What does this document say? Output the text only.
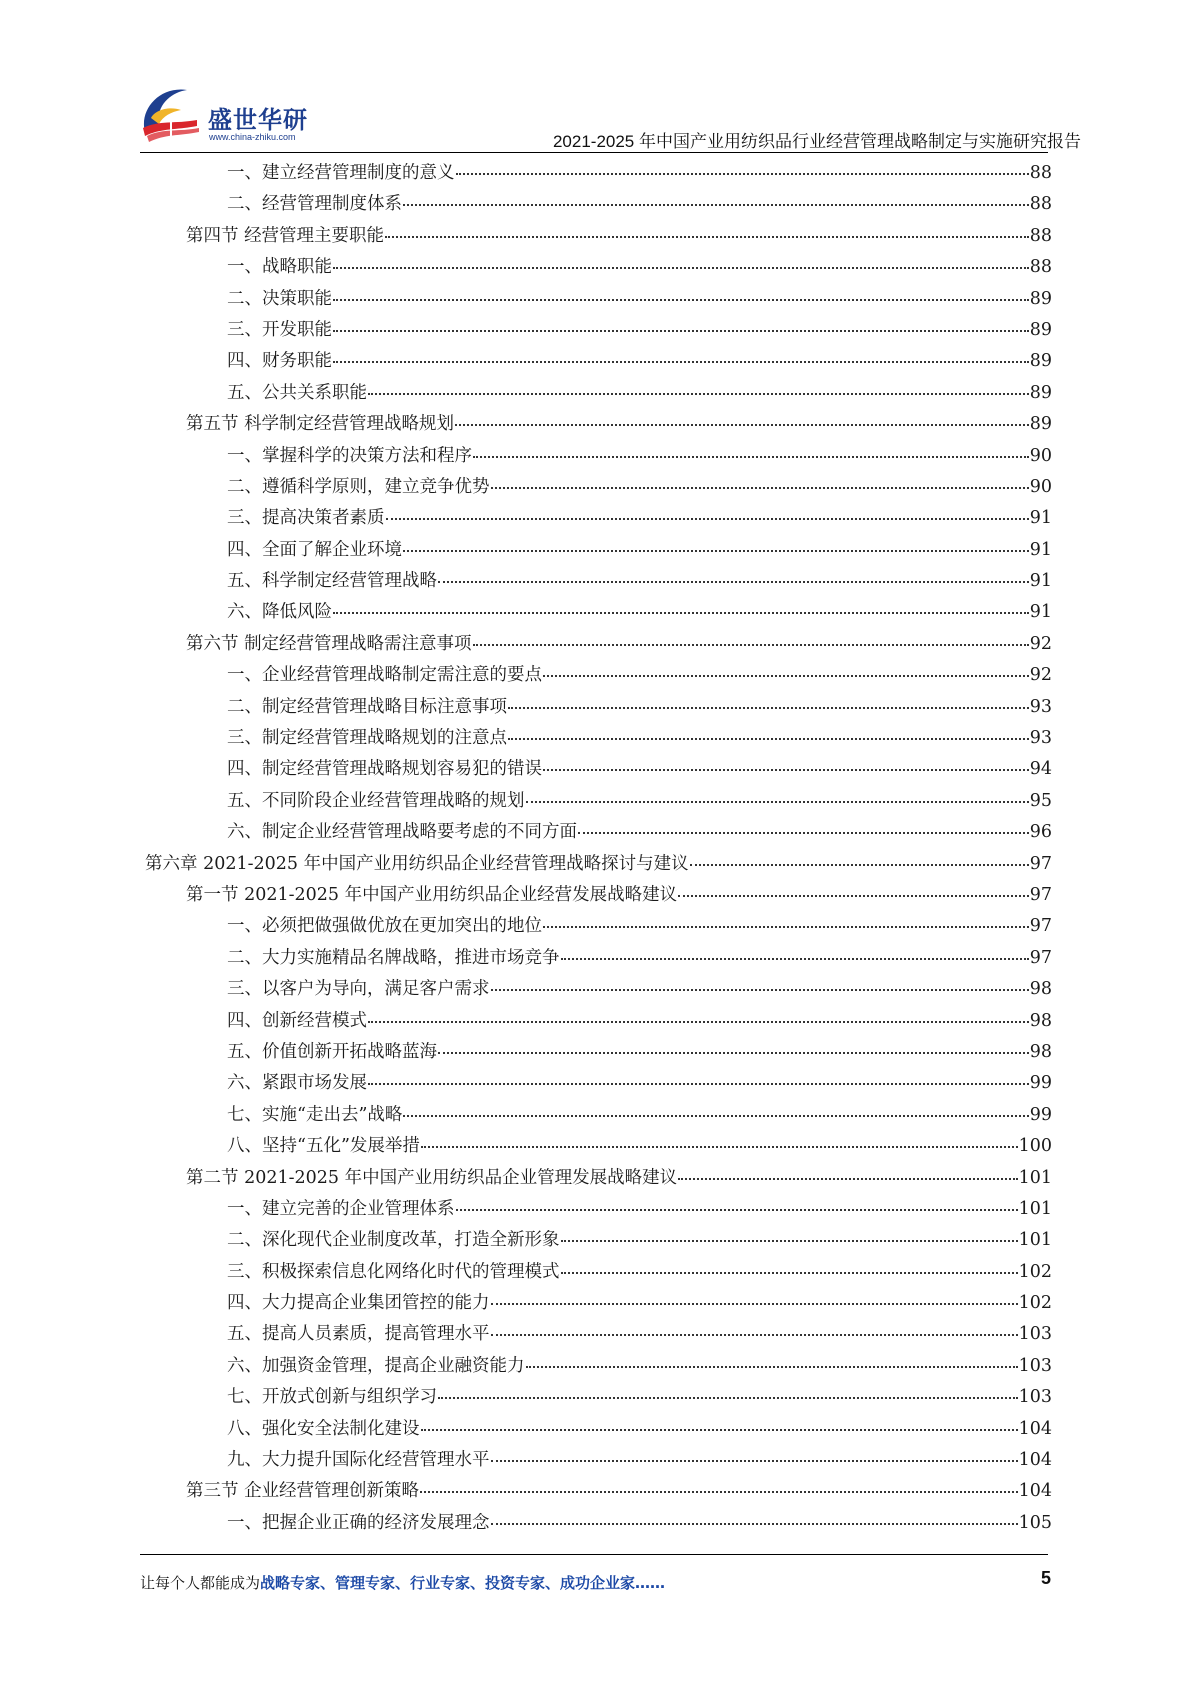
盛世华研
www.china-zhiku.com	2021-2025 年中国产业用纺织品行业经营管理战略制定与实施研究报告
一、建立经营管理制度的意义	88
二、经营管理制度体系	88
第四节 经营管理主要职能	88
一、战略职能	88
二、决策职能	89
三、开发职能	89
四、财务职能	89
五、公共关系职能	89
第五节 科学制定经营管理战略规划	89
一、掌握科学的决策方法和程序	90
二、遵循科学原则，建立竞争优势	90
三、提高决策者素质	91
四、全面了解企业环境	91
五、科学制定经营管理战略	91
六、降低风险	91
第六节 制定经营管理战略需注意事项	92
一、企业经营管理战略制定需注意的要点	92
二、制定经营管理战略目标注意事项	93
三、制定经营管理战略规划的注意点	93
四、制定经营管理战略规划容易犯的错误	94
五、不同阶段企业经营管理战略的规划	95
六、制定企业经营管理战略要考虑的不同方面	96
第六章 2021-2025 年中国产业用纺织品企业经营管理战略探讨与建议	97
第一节 2021-2025 年中国产业用纺织品企业经营发展战略建议	97
一、必须把做强做优放在更加突出的地位	97
二、大力实施精品名牌战略，推进市场竞争	97
三、以客户为导向，满足客户需求	98
四、创新经营模式	98
五、价值创新开拓战略蓝海	98
六、紧跟市场发展	99
七、实施“走出去”战略	99
八、坚持“五化”发展举措	100
第二节 2021-2025 年中国产业用纺织品企业管理发展战略建议	101
一、建立完善的企业管理体系	101
二、深化现代企业制度改革，打造全新形象	101
三、积极探索信息化网络化时代的管理模式	102
四、大力提高企业集团管控的能力	102
五、提高人员素质，提高管理水平	103
六、加强资金管理，提高企业融资能力	103
七、开放式创新与组织学习	103
八、强化安全法制化建设	104
九、大力提升国际化经营管理水平	104
第三节 企业经营管理创新策略	104
一、把握企业正确的经济发展理念	105
让每个人都能成为战略专家、管理专家、行业专家、投资专家、成功企业家……	5
